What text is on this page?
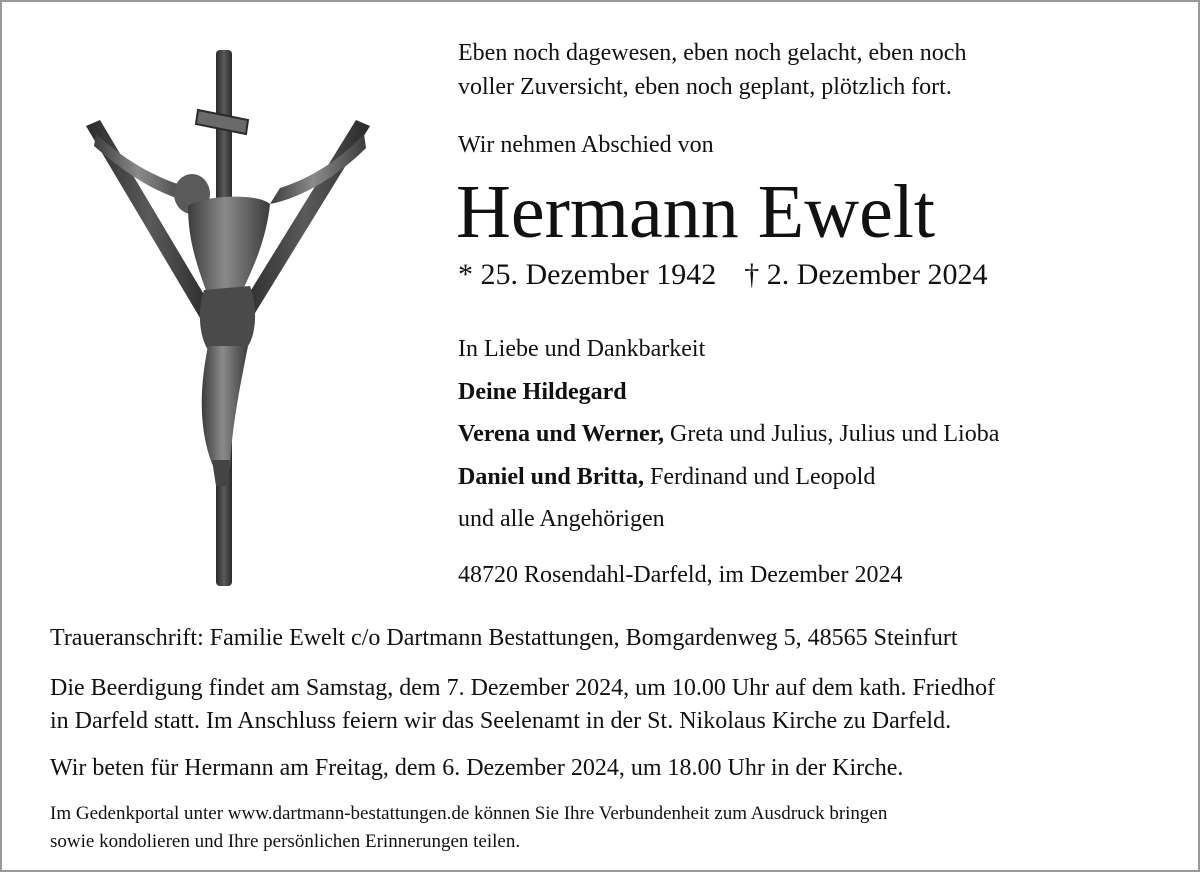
Eben noch dagewesen, eben noch gelacht, eben noch
voller Zuversicht, eben noch geplant, plötzlich fort.

Wir nehmen Abschied von

Hermann Ewelt
* 25. Dezember 1942 † 2. Dezember 2024
In Liebe und Dankbarkeit
Deine Hildegard
Verena und Werner, Greta und Julius, Julius und Lioba
Daniel und Britta, Ferdinand und Leopold
und alle Angehörigen
48720 Rosendahl-Darfeld, im Dezember 2024

Traueranschrift: Familie Ewelt c/o Dartmann Bestattungen, Bomgardenweg 5, 48565 Steinfurt

Die Beerdigung findet am Samstag, dem 7. Dezember 2024, um 10.00 Uhr auf dem kath. Friedhof
in Darfeld statt. Im Anschluss feiern wir das Seelenamt in der St. Nikolaus Kirche zu Darfeld.

Wir beten für Hermann am Freitag, dem 6. Dezember 2024, um 18.00 Uhr in der Kirche.

Im Gedenkportal unter www.dartmann-bestattungen.de können Sie Ihre Verbundenheit zum Ausdruck bringen
sowie kondolieren und Ihre persönlichen Erinnerungen teilen.
